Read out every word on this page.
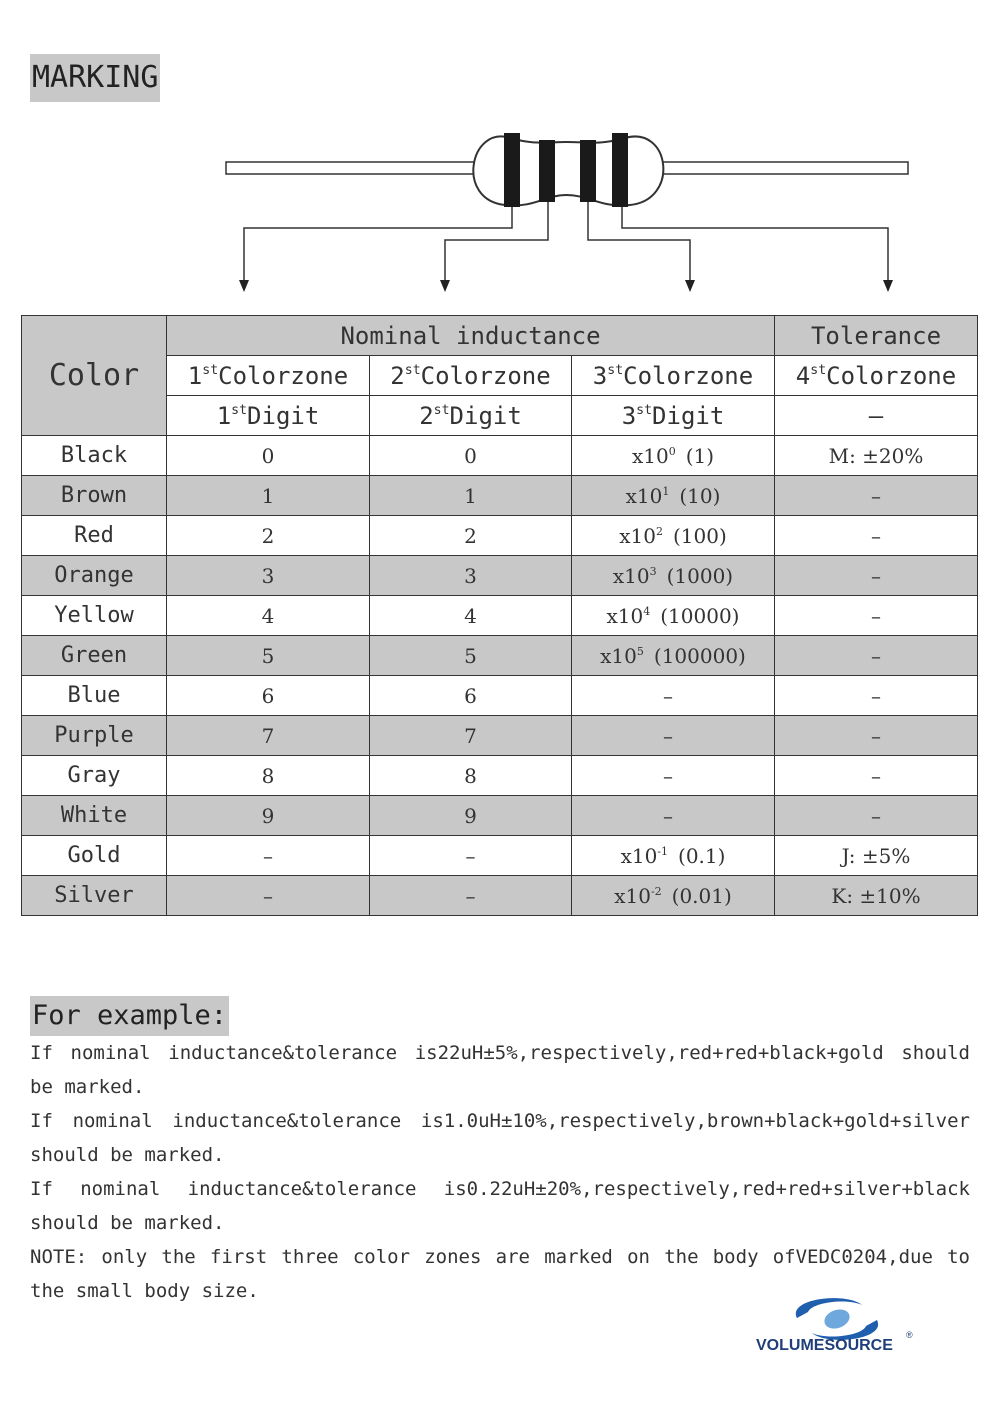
MARKING
Color	Nominal inductance			Tolerance
	1stColorzone	2stColorzone	3stColorzone	4stColorzone
	1stDigit	2stDigit	3stDigit	–
Black	0	0	$x10^0$ (1)	M: ±20%
Brown	1	1	$x10^1$ (10)	–
Red	2	2	$x10^2$ (100)	–
Orange	3	3	$x10^3$ (1000)	–
Yellow	4	4	$x10^4$ (10000)	–
Green	5	5	$x10^5$ (100000)	–
Blue	6	6	–	–
Purple	7	7	–	–
Gray	8	8	–	–
White	9	9	–	–
Gold	–	–	$x10^{-1}$ (0.1)	J: ±5%
Silver	–	–	$x10^{-2}$ (0.01)	K: ±10%
For example:

If nominal inductance&tolerance is22uH±5%,respectively,red+red+black+gold should be marked.

If nominal inductance&tolerance is1.0uH±10%,respectively,brown+black+gold+silver should be marked.

If nominal inductance&tolerance is0.22uH±20%,respectively,red+red+silver+black should be marked.

NOTE: only the first three color zones are marked on the body ofVEDC0204,due to the small body size.

VOLUMESOURCE
®
